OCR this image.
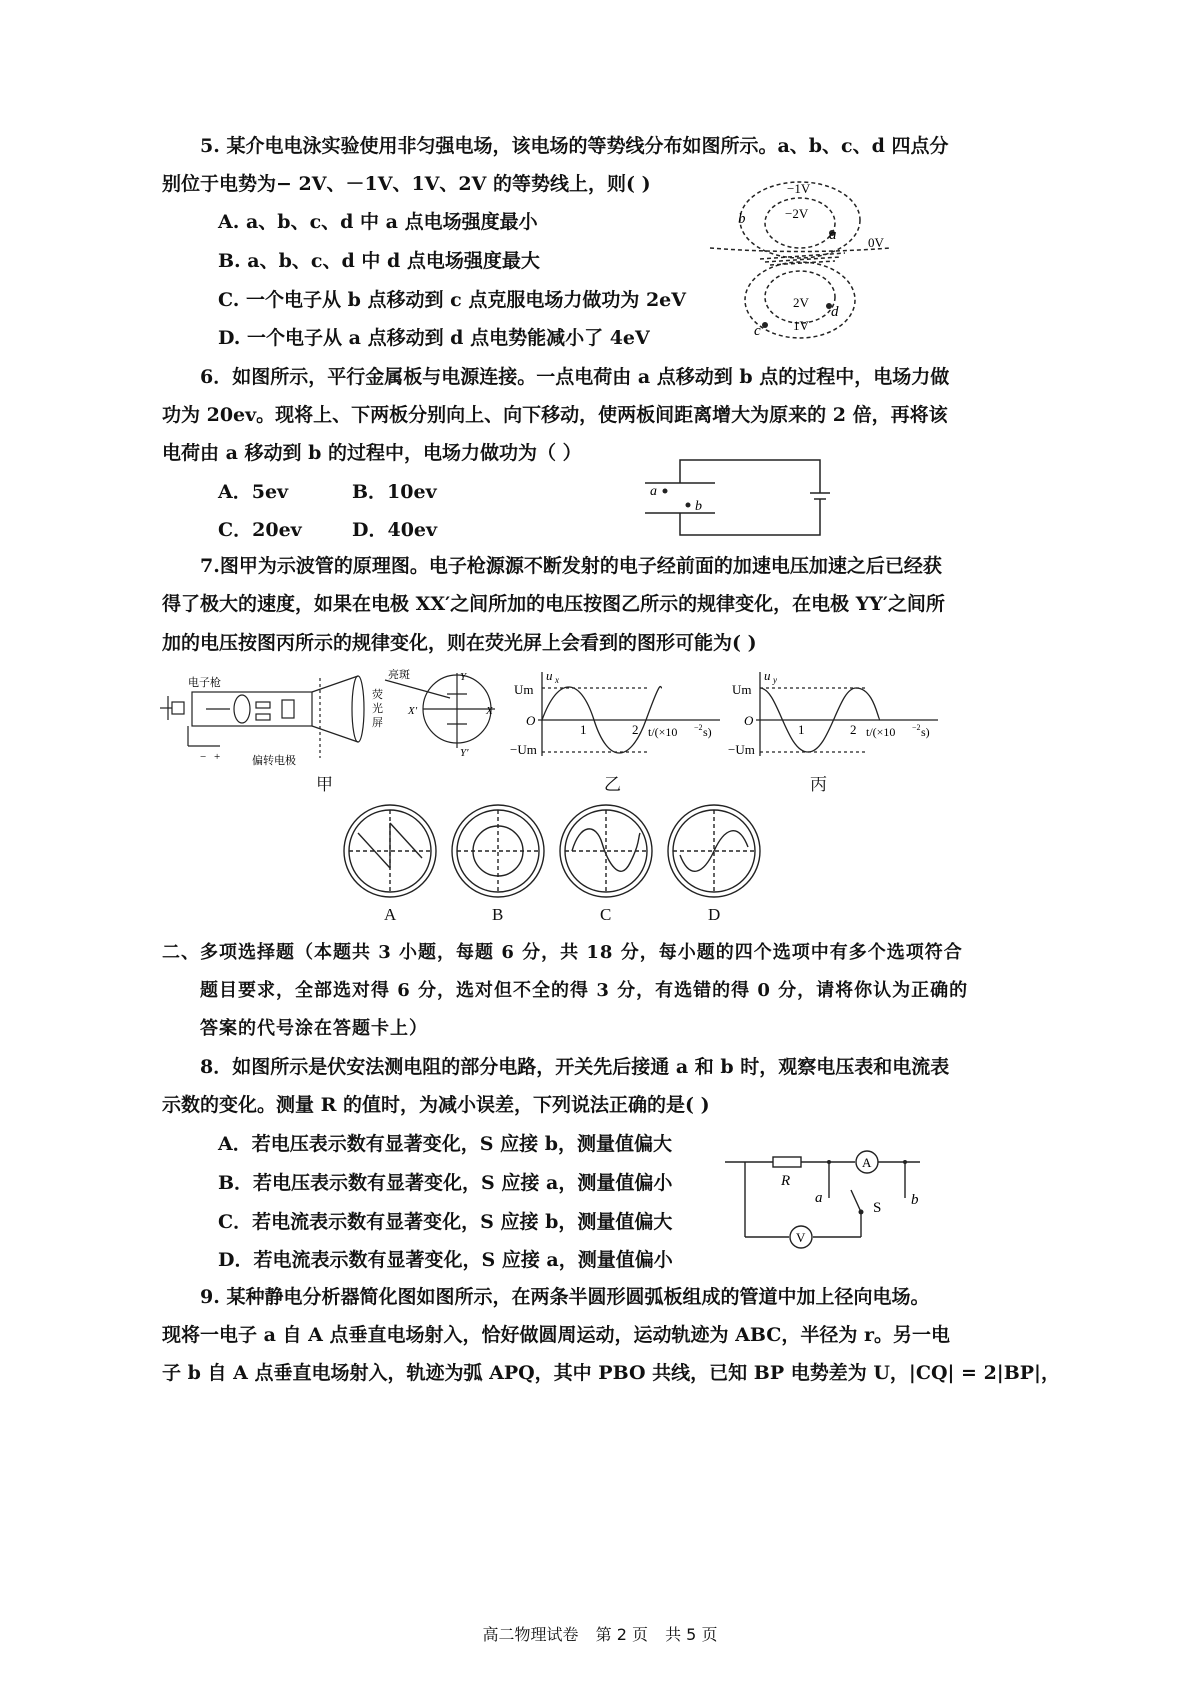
5. 某介电电泳实验使用非匀强电场，该电场的等势线分布如图所示。a、b、c、d 四点分
别位于电势为− 2V、－1V、1V、2V 的等势线上，则( )
A. a、b、c、d 中 a 点电场强度最小
B. a、b、c、d 中 d 点电场强度最大
C. 一个电子从 b 点移动到 c 点克服电场力做功为 2eV
D. 一个电子从 a 点移动到 d 点电势能减小了 4eV
−1V
−2V
0V
2V
1V
a
b
c
d
6．如图所示，平行金属板与电源连接。一点电荷由 a 点移动到 b 点的过程中，电场力做
功为 20ev。现将上、下两板分别向上、向下移动，使两板间距离增大为原来的 2 倍，再将该
电荷由 a 移动到 b 的过程中，电场力做功为（ ）
A．5ev	B．10ev
C．20ev	D．40ev
a
b
7.图甲为示波管的原理图。电子枪源源不断发射的电子经前面的加速电压加速之后已经获
得了极大的速度，如果在电极 XX′之间所加的电压按图乙所示的规律变化，在电极 YY′之间所
加的电压按图丙所示的规律变化，则在荧光屏上会看到的图形可能为( )
电子枪
亮斑
荧
光
屏
偏转电极
X
X′
Y
Y′
− +
甲
u x
Um
O
−Um
1	2 t/(×10 −2 s)
乙
u y
Um
O
−Um
1	2 t/(×10 −2 s)
丙
A	B	C	D
二、多项选择题（本题共 3 小题，每题 6 分，共 18 分，每小题的四个选项中有多个选项符合
题目要求，全部选对得 6 分，选对但不全的得 3 分，有选错的得 0 分，请将你认为正确的
答案的代号涂在答题卡上）
8．如图所示是伏安法测电阻的部分电路，开关先后接通 a 和 b 时，观察电压表和电流表
示数的变化。测量 R 的值时，为减小误差，下列说法正确的是( )
A．若电压表示数有显著变化，S 应接 b，测量值偏大
B．若电压表示数有显著变化，S 应接 a，测量值偏小
C．若电流表示数有显著变化，S 应接 b，测量值偏大
D．若电流表示数有显著变化，S 应接 a，测量值偏小
R
A
a
S b
V
9. 某种静电分析器简化图如图所示，在两条半圆形圆弧板组成的管道中加上径向电场。
现将一电子 a 自 A 点垂直电场射入，恰好做圆周运动，运动轨迹为 ABC，半径为 r。另一电
子 b 自 A 点垂直电场射入，轨迹为弧 APQ，其中 PBO 共线，已知 BP 电势差为 U，|CQ| = 2|BP|，
高二物理试卷 第 2 页 共 5 页
